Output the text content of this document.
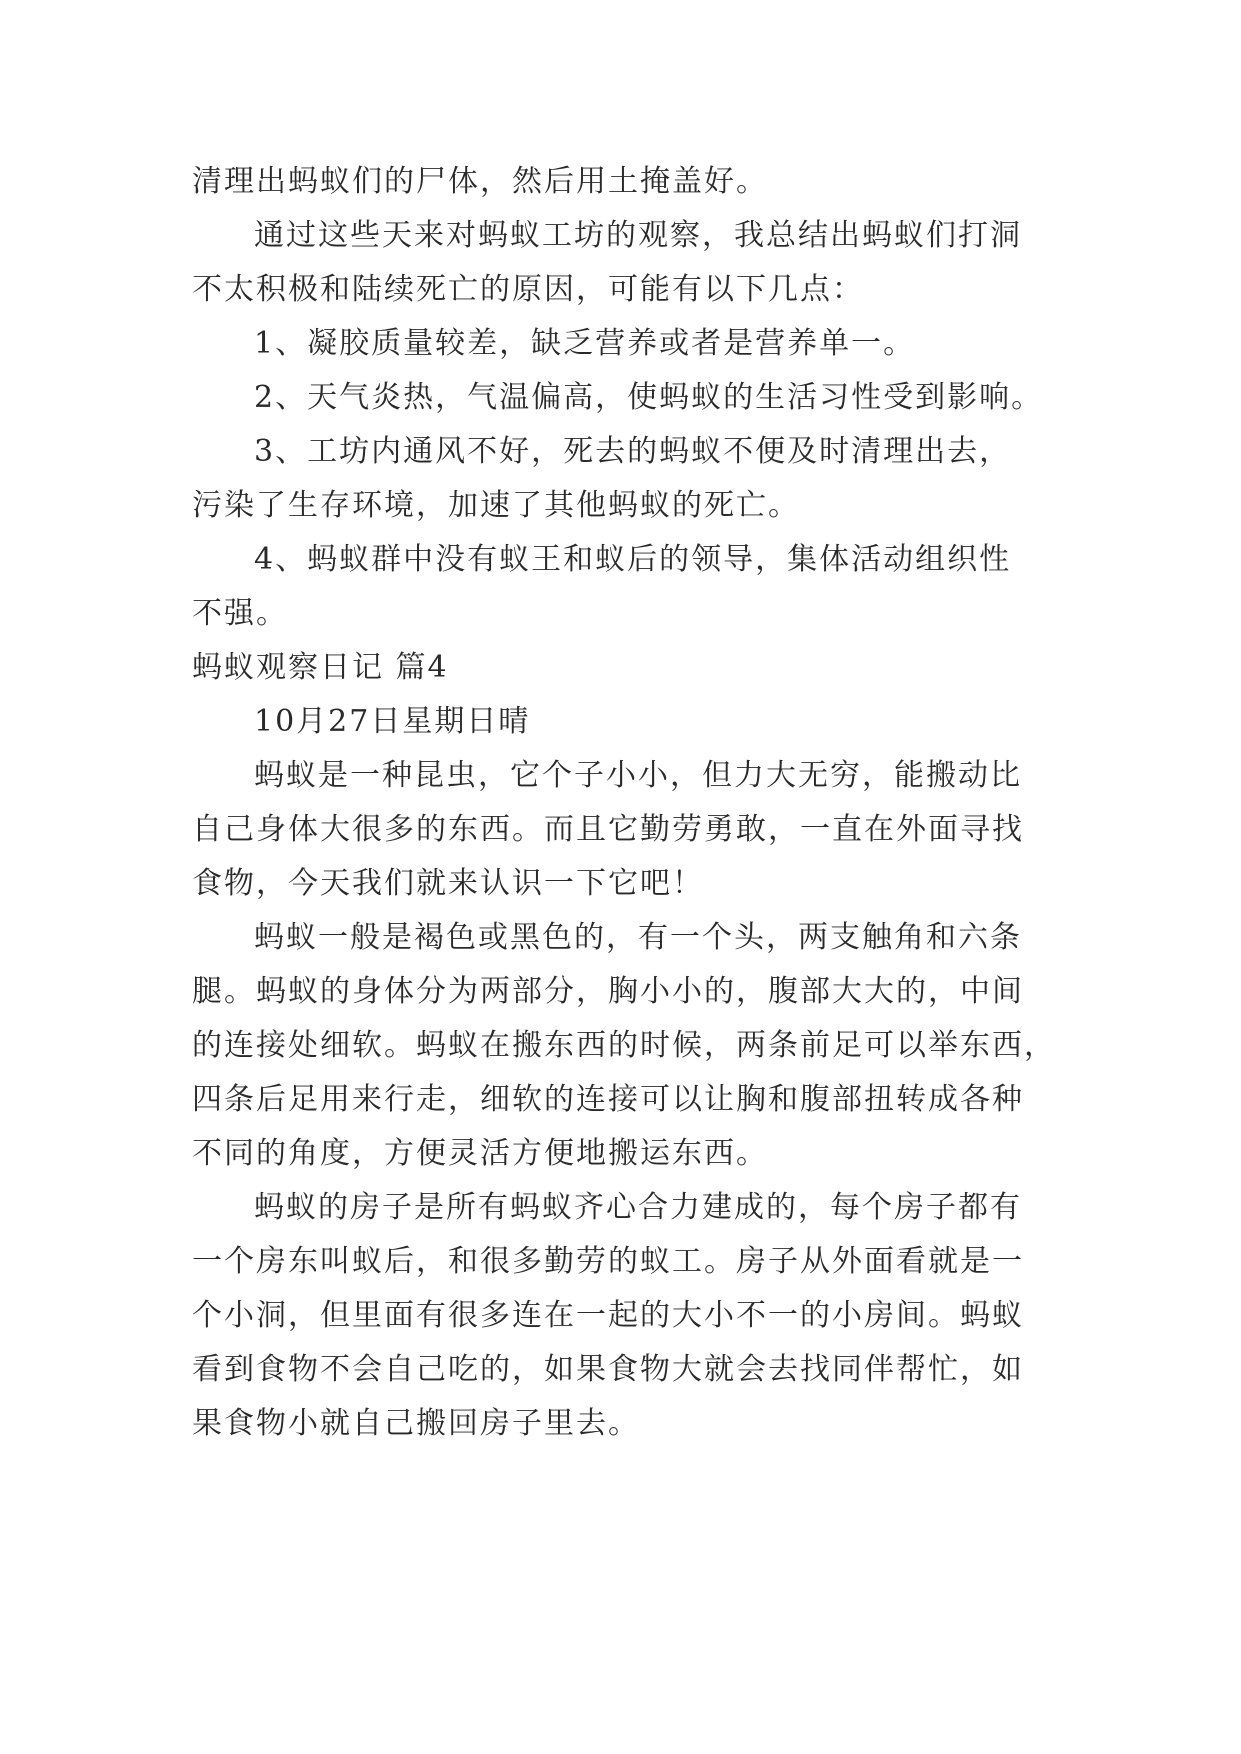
清理出蚂蚁们的尸体，然后用土掩盖好。
通过这些天来对蚂蚁工坊的观察，我总结出蚂蚁们打洞
不太积极和陆续死亡的原因，可能有以下几点：
1、凝胶质量较差，缺乏营养或者是营养单一。
2、天气炎热，气温偏高，使蚂蚁的生活习性受到影响。
3、工坊内通风不好，死去的蚂蚁不便及时清理出去，
污染了生存环境，加速了其他蚂蚁的死亡。
4、蚂蚁群中没有蚁王和蚁后的领导，集体活动组织性
不强。
蚂蚁观察日记 篇4
10月27日星期日晴
蚂蚁是一种昆虫，它个子小小，但力大无穷，能搬动比
自己身体大很多的东西。而且它勤劳勇敢，一直在外面寻找
食物，今天我们就来认识一下它吧！
蚂蚁一般是褐色或黑色的，有一个头，两支触角和六条
腿。蚂蚁的身体分为两部分，胸小小的，腹部大大的，中间
的连接处细软。蚂蚁在搬东西的时候，两条前足可以举东西，
四条后足用来行走，细软的连接可以让胸和腹部扭转成各种
不同的角度，方便灵活方便地搬运东西。
蚂蚁的房子是所有蚂蚁齐心合力建成的，每个房子都有
一个房东叫蚁后，和很多勤劳的蚁工。房子从外面看就是一
个小洞，但里面有很多连在一起的大小不一的小房间。蚂蚁
看到食物不会自己吃的，如果食物大就会去找同伴帮忙，如
果食物小就自己搬回房子里去。
